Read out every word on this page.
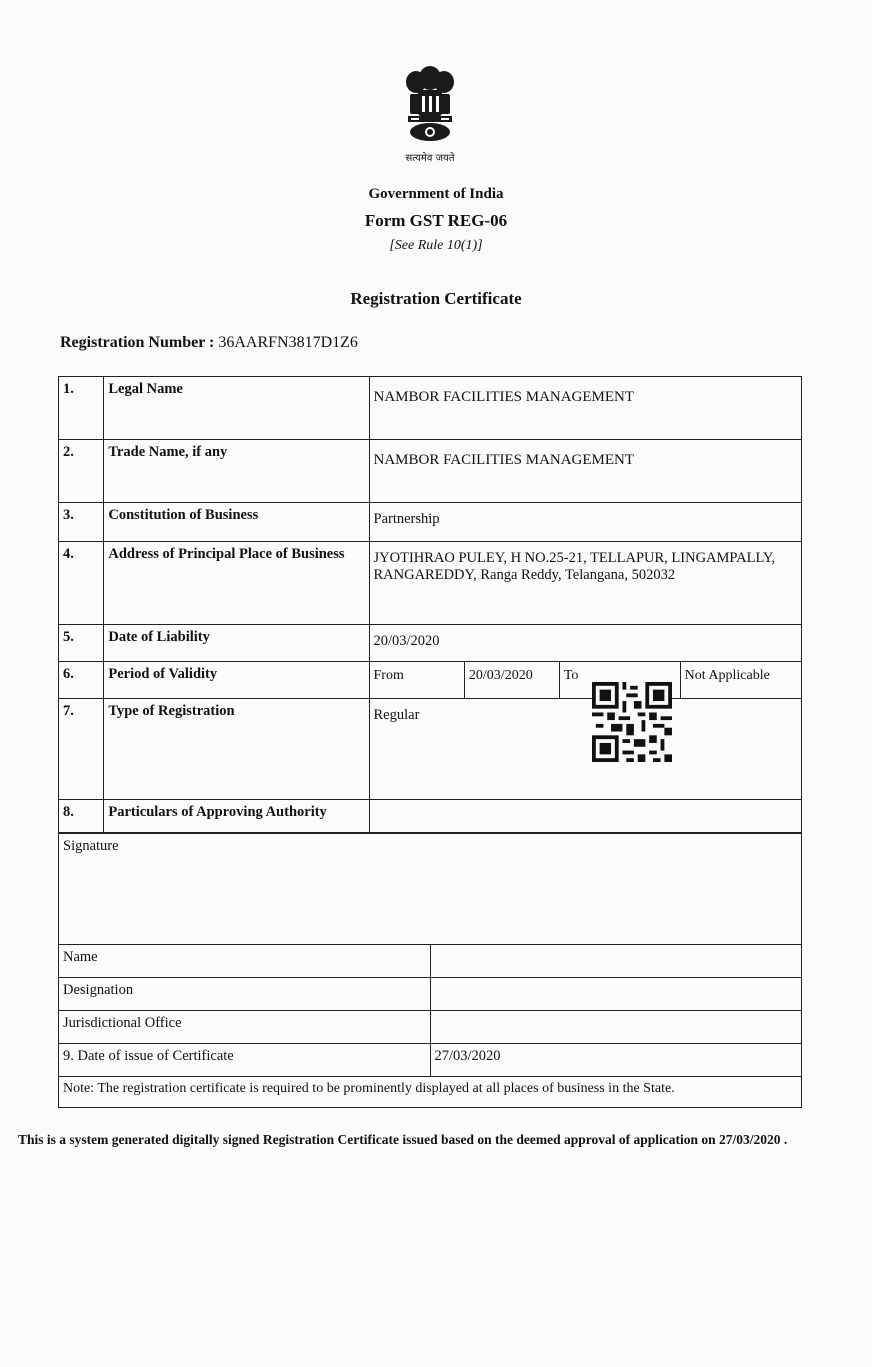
सत्यमेव जयते
Government of India
Form GST REG-06
[See Rule 10(1)]
Registration Certificate
Registration Number : 36AARFN3817D1Z6
1.	Legal Name	NAMBOR FACILITIES MANAGEMENT
2.	Trade Name, if any	NAMBOR FACILITIES MANAGEMENT
3.	Constitution of Business	Partnership
4.	Address of Principal Place of Business	JYOTIHRAO PULEY, H NO.25-21, TELLAPUR, LINGAMPALLY, RANGAREDDY, Ranga Reddy, Telangana, 502032
5.	Date of Liability	20/03/2020
6.	Period of Validity		From	20/03/2020	To	Not Applicable

7.	Type of Registration	Regular
8.	Particulars of Approving Authority	
Signature	
Name	
Designation	
Jurisdictional Office	
9. Date of issue of Certificate	27/03/2020
Note: The registration certificate is required to be prominently displayed at all places of business in the State.	
This is a system generated digitally signed Registration Certificate issued based on the deemed approval of application on 27/03/2020 .
